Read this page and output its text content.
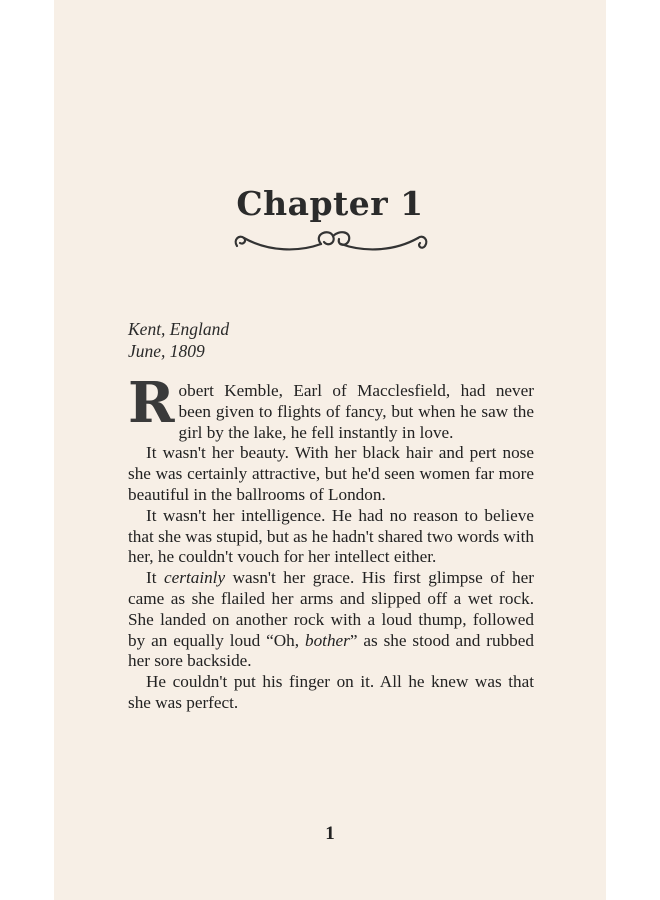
Chapter 1
Kent, England
June, 1809

Robert Kemble, Earl of Macclesfield, had never been given to flights of fancy, but when he saw the girl by the lake, he fell instantly in love.

It wasn't her beauty. With her black hair and pert nose she was certainly attractive, but he'd seen women far more beautiful in the ballrooms of London.

It wasn't her intelligence. He had no reason to believe that she was stupid, but as he hadn't shared two words with her, he couldn't vouch for her intellect either.

It certainly wasn't her grace. His first glimpse of her came as she flailed her arms and slipped off a wet rock. She landed on another rock with a loud thump, followed by an equally loud “Oh, bother” as she stood and rubbed her sore backside.

He couldn't put his finger on it. All he knew was that she was perfect.

1
